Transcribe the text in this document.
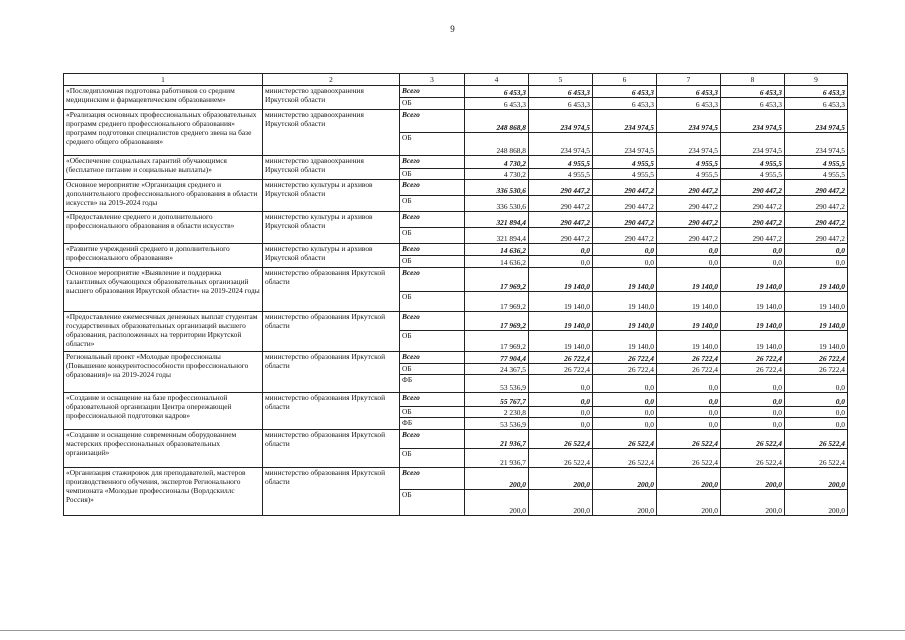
9
1	2	3	4	5	6	7	8	9
«Последипломная подготовка работников со средним медицинским и фармацевтическим образованием»	министерство здравоохранения Иркутской области	Всего	6 453,3	6 453,3	6 453,3	6 453,3	6 453,3	6 453,3
		ОБ	6 453,3	6 453,3	6 453,3	6 453,3	6 453,3	6 453,3
«Реализация основных профессиональных образовательных программ среднего профессионального образования» программ подготовки специалистов среднего звена на базе среднего общего образования»	министерство здравоохранения Иркутской области	Всего	248 868,8	234 974,5	234 974,5	234 974,5	234 974,5	234 974,5
		ОБ	248 868,8	234 974,5	234 974,5	234 974,5	234 974,5	234 974,5
«Обеспечение социальных гарантий обучающимся (бесплатное питание и социальные выплаты)»	министерство здравоохранения Иркутской области	Всего	4 730,2	4 955,5	4 955,5	4 955,5	4 955,5	4 955,5
		ОБ	4 730,2	4 955,5	4 955,5	4 955,5	4 955,5	4 955,5
Основное мероприятие «Организация среднего и дополнительного профессионального образования в области искусств» на 2019-2024 годы	министерство культуры и архивов Иркутской области	Всего	336 530,6	290 447,2	290 447,2	290 447,2	290 447,2	290 447,2
		ОБ	336 530,6	290 447,2	290 447,2	290 447,2	290 447,2	290 447,2
«Предоставление среднего и дополнительного профессионального образования в области искусств»	министерство культуры и архивов Иркутской области	Всего	321 894,4	290 447,2	290 447,2	290 447,2	290 447,2	290 447,2
		ОБ	321 894,4	290 447,2	290 447,2	290 447,2	290 447,2	290 447,2
«Развитие учреждений среднего и дополнительного профессионального образования»	министерство культуры и архивов Иркутской области	Всего	14 636,2	0,0	0,0	0,0	0,0	0,0
		ОБ	14 636,2	0,0	0,0	0,0	0,0	0,0
Основное мероприятие «Выявление и поддержка талантливых обучающихся образовательных организаций высшего образования Иркутской области» на 2019-2024 годы	министерство образования Иркутской области	Всего	17 969,2	19 140,0	19 140,0	19 140,0	19 140,0	19 140,0
		ОБ	17 969,2	19 140,0	19 140,0	19 140,0	19 140,0	19 140,0
«Предоставление ежемесячных денежных выплат студентам государственных образовательных организаций высшего образования, расположенных на территории Иркутской области»	министерство образования Иркутской области	Всего	17 969,2	19 140,0	19 140,0	19 140,0	19 140,0	19 140,0
		ОБ	17 969,2	19 140,0	19 140,0	19 140,0	19 140,0	19 140,0
Региональный проект «Молодые профессионалы (Повышение конкурентоспособности профессионального образования)» на 2019-2024 годы	министерство образования Иркутской области	Всего	77 904,4	26 722,4	26 722,4	26 722,4	26 722,4	26 722,4
		ОБ	24 367,5	26 722,4	26 722,4	26 722,4	26 722,4	26 722,4
		ФБ	53 536,9	0,0	0,0	0,0	0,0	0,0
«Создание и оснащение на базе профессиональной образовательной организации Центра опережающей профессиональной подготовки кадров»	министерство образования Иркутской области	Всего	55 767,7	0,0	0,0	0,0	0,0	0,0
		ОБ	2 230,8	0,0	0,0	0,0	0,0	0,0
		ФБ	53 536,9	0,0	0,0	0,0	0,0	0,0
«Создание и оснащение современным оборудованием мастерских профессиональных образовательных организаций»	министерство образования Иркутской области	Всего	21 936,7	26 522,4	26 522,4	26 522,4	26 522,4	26 522,4
		ОБ	21 936,7	26 522,4	26 522,4	26 522,4	26 522,4	26 522,4
«Организация стажировок для преподавателей, мастеров производственного обучения, экспертов Регионального чемпионата «Молодые профессионалы (Ворлдскиллс Россия)»	министерство образования Иркутской области	Всего	200,0	200,0	200,0	200,0	200,0	200,0
		ОБ	200,0	200,0	200,0	200,0	200,0	200,0
